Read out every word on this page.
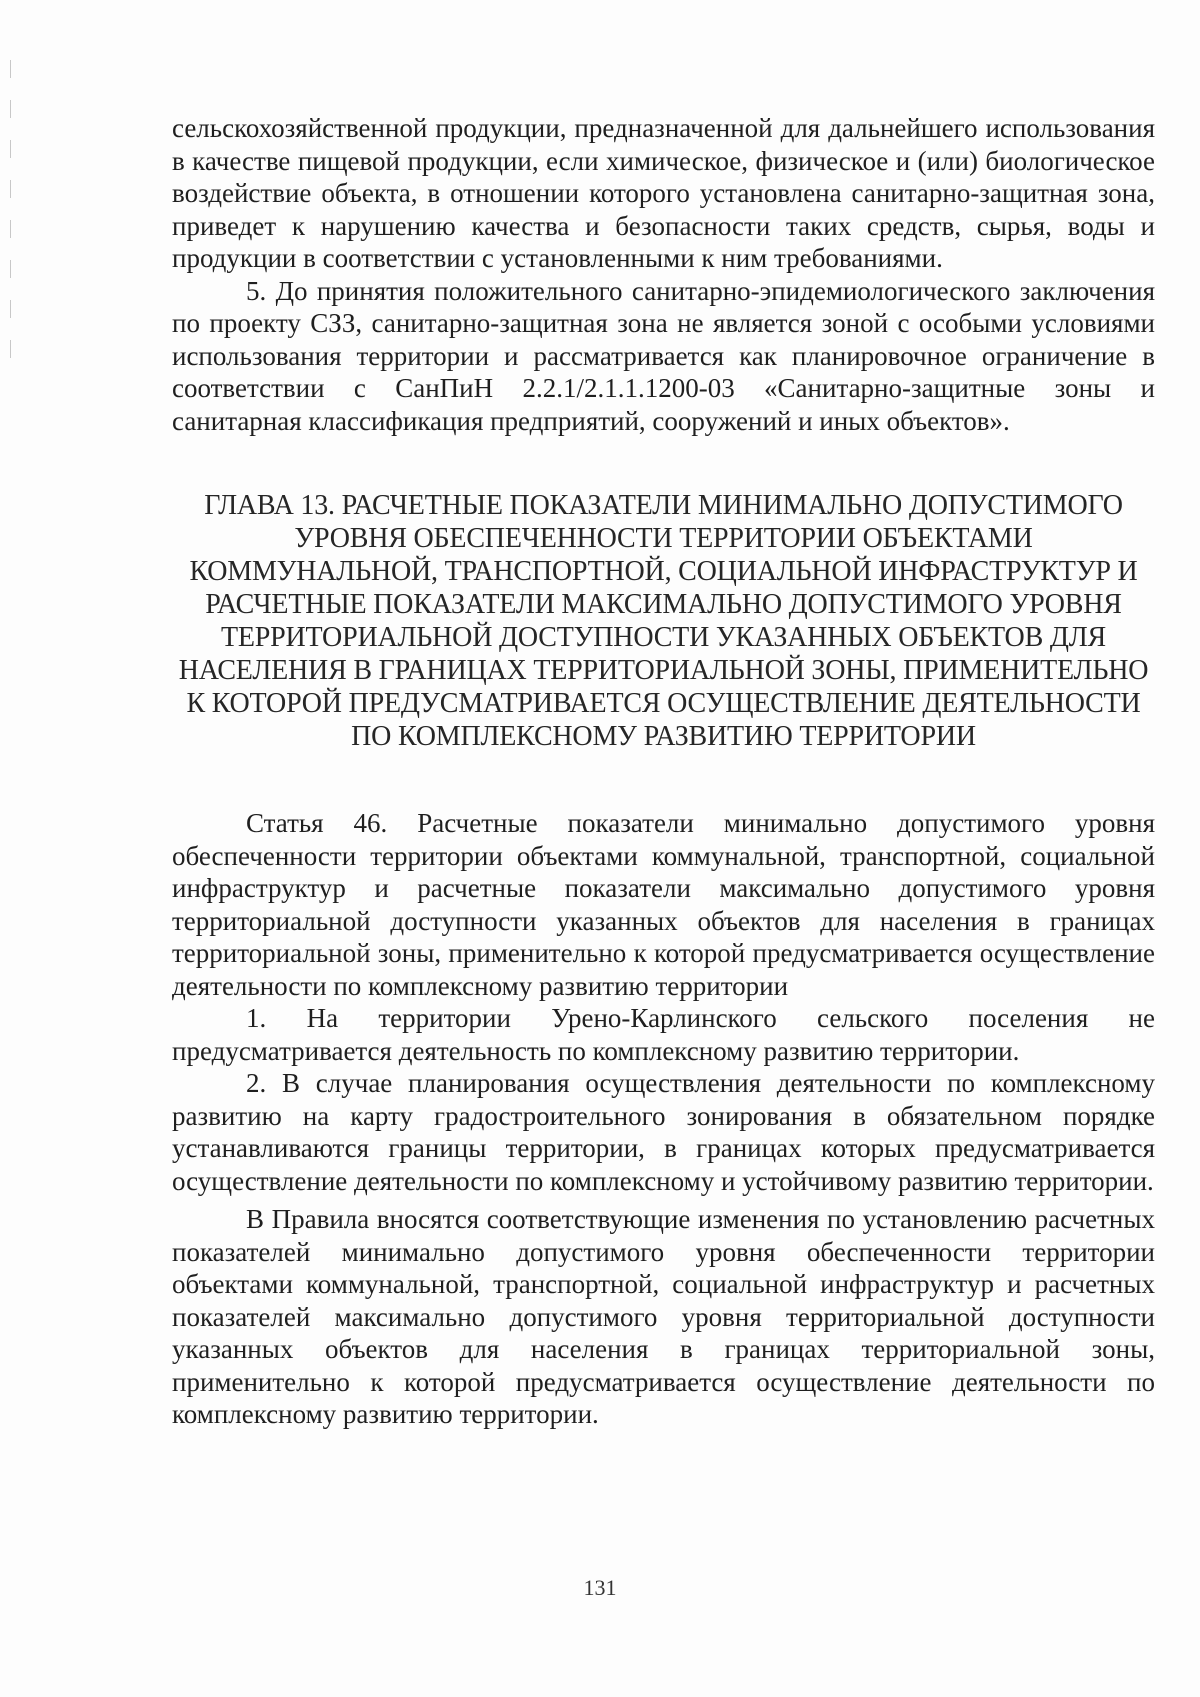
сельскохозяйственной продукции, предназначенной для дальнейшего использования в качестве пищевой продукции, если химическое, физическое и (или) биологическое воздействие объекта, в отношении которого установлена санитарно-защитная зона, приведет к нарушению качества и безопасности таких средств, сырья, воды и продукции в соответствии с установленными к ним требованиями.

5. До принятия положительного санитарно-эпидемиологического заключения по проекту СЗЗ, санитарно-защитная зона не является зоной с особыми условиями использования территории и рассматривается как планировочное ограничение в соответствии с СанПиН 2.2.1/2.1.1.1200-03 «Санитарно-защитные зоны и санитарная классификация предприятий, сооружений и иных объектов».

ГЛАВА 13. РАСЧЕТНЫЕ ПОКАЗАТЕЛИ МИНИМАЛЬНО ДОПУСТИМОГО УРОВНЯ ОБЕСПЕЧЕННОСТИ ТЕРРИТОРИИ ОБЪЕКТАМИ КОММУНАЛЬНОЙ, ТРАНСПОРТНОЙ, СОЦИАЛЬНОЙ ИНФРАСТРУКТУР И РАСЧЕТНЫЕ ПОКАЗАТЕЛИ МАКСИМАЛЬНО ДОПУСТИМОГО УРОВНЯ ТЕРРИТОРИАЛЬНОЙ ДОСТУПНОСТИ УКАЗАННЫХ ОБЪЕКТОВ ДЛЯ НАСЕЛЕНИЯ В ГРАНИЦАХ ТЕРРИТОРИАЛЬНОЙ ЗОНЫ, ПРИМЕНИТЕЛЬНО К КОТОРОЙ ПРЕДУСМАТРИВАЕТСЯ ОСУЩЕСТВЛЕНИЕ ДЕЯТЕЛЬНОСТИ ПО КОМПЛЕКСНОМУ РАЗВИТИЮ ТЕРРИТОРИИ

Статья 46. Расчетные показатели минимально допустимого уровня обеспеченности территории объектами коммунальной, транспортной, социальной инфраструктур и расчетные показатели максимально допустимого уровня территориальной доступности указанных объектов для населения в границах территориальной зоны, применительно к которой предусматривается осуществление деятельности по комплексному развитию территории

1. На территории Урено-Карлинского сельского поселения не предусматривается деятельность по комплексному развитию территории.

2. В случае планирования осуществления деятельности по комплексному развитию на карту градостроительного зонирования в обязательном порядке устанавливаются границы территории, в границах которых предусматривается осуществление деятельности по комплексному и устойчивому развитию территории.

В Правила вносятся соответствующие изменения по установлению расчетных показателей минимально допустимого уровня обеспеченности территории объектами коммунальной, транспортной, социальной инфраструктур и расчетных показателей максимально допустимого уровня территориальной доступности указанных объектов для населения в границах территориальной зоны, применительно к которой предусматривается осуществление деятельности по комплексному развитию территории.

131
